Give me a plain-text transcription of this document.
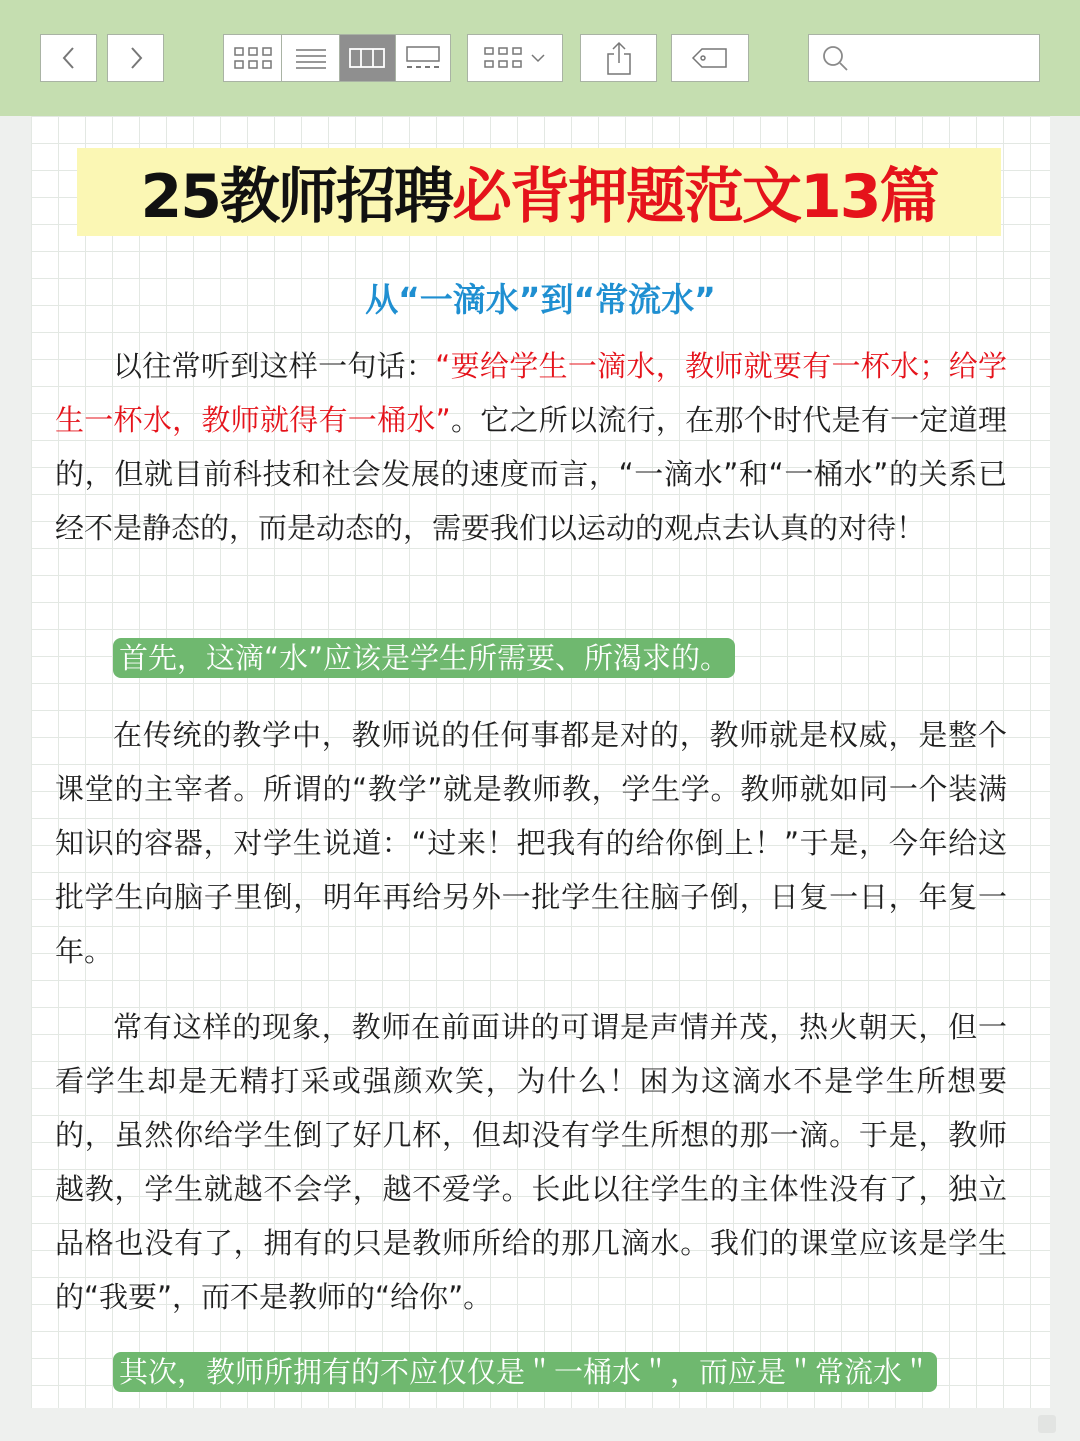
25教师招聘 必背押题范文13篇
从“一滴水”到“常流水”
以往常听到这样一句话：“要给学生一滴水，教师就要有一杯水；给学生一杯水，教师就得有一桶水”。它之所以流行，在那个时代是有一定道理的，但就目前科技和社会发展的速度而言，“一滴水”和“一桶水”的关系已经不是静态的，而是动态的，需要我们以运动的观点去认真的对待！
首先，这滴“水”应该是学生所需要、所渴求的。
在传统的教学中，教师说的任何事都是对的，教师就是权威，是整个课堂的主宰者。所谓的“教学”就是教师教，学生学。教师就如同一个装满知识的容器，对学生说道：“过来！把我有的给你倒上！”于是，今年给这批学生向脑子里倒，明年再给另外一批学生往脑子倒，日复一日，年复一年。
常有这样的现象，教师在前面讲的可谓是声情并茂，热火朝天，但一看学生却是无精打采或强颜欢笑，为什么！困为这滴水不是学生所想要的，虽然你给学生倒了好几杯，但却没有学生所想的那一滴。于是，教师越教，学生就越不会学，越不爱学。长此以往学生的主体性没有了，独立品格也没有了，拥有的只是教师所给的那几滴水。我们的课堂应该是学生的“我要”，而不是教师的“给你”。
其次，教师所拥有的不应仅仅是＂一桶水＂，而应是＂常流水＂
